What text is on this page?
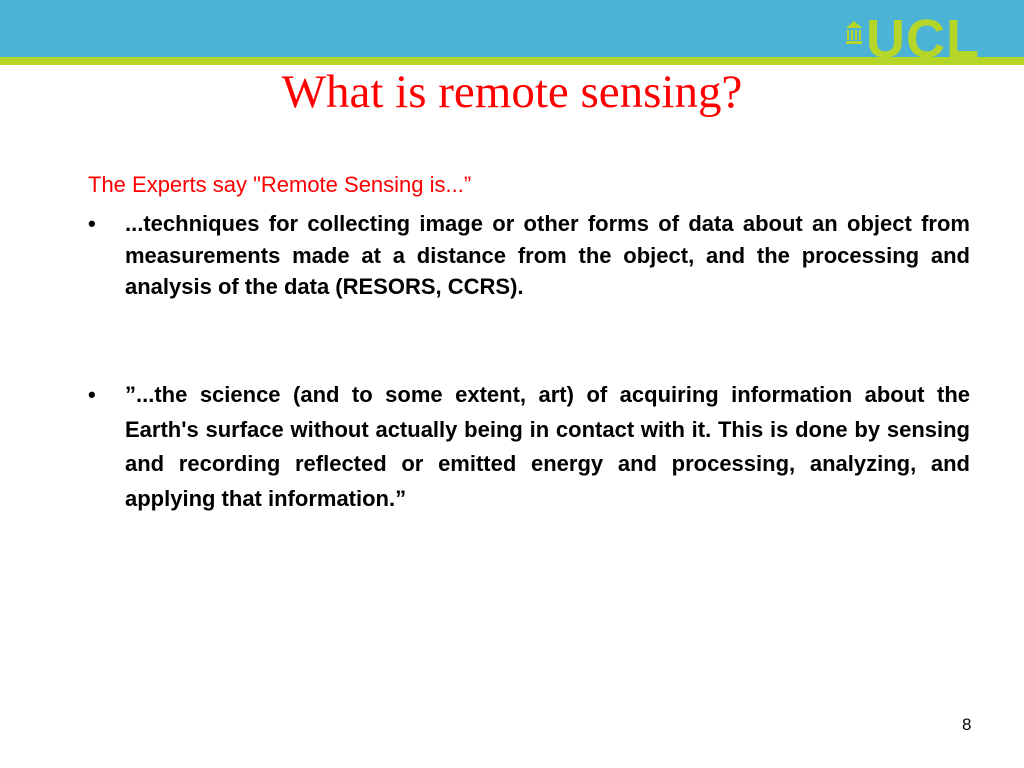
UCL
What is remote sensing?
The Experts say "Remote Sensing is...”
• ...techniques for collecting image or other forms of data about an object from measurements made at a distance from the object, and the processing and analysis of the data (RESORS, CCRS).
• ”...the science (and to some extent, art) of acquiring information about the Earth's surface without actually being in contact with it. This is done by sensing and recording reflected or emitted energy and processing, analyzing, and applying that information.”
8
